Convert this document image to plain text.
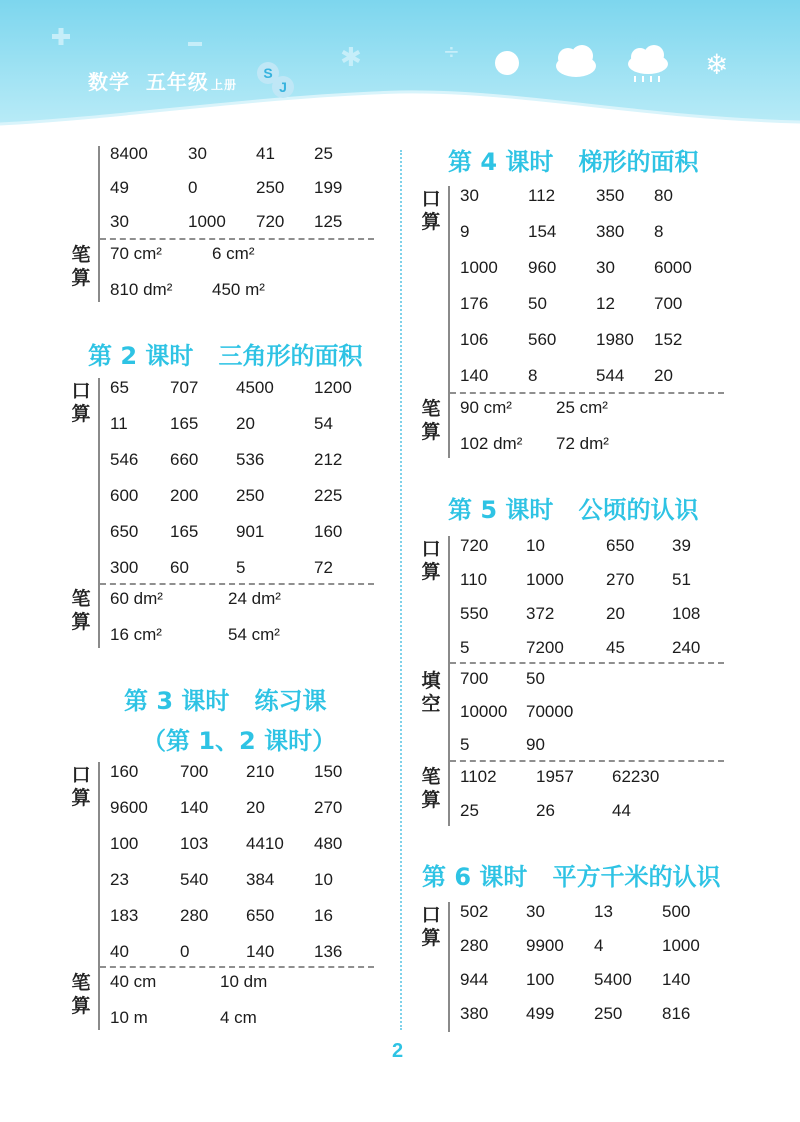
✱	÷	❄
数学 五年级 上册
S
J
笔算
8400 30	41 25
49	0	250 199
30	1000 720 125
70 cm²	6 cm²
810 dm² 450 m²
第 2 课时   三角形的面积
口算
笔算
65 707 4500 1200
11 165 20	54
546 660 536	212
600 200 250	225
650 165 901	160
300 60	5	72
60 dm²	24 dm²
16 cm²	54 cm²
第 3 课时   练习课
（第 1、2 课时）
口算
笔算
160 700 210 150
9600 140 20	270
100 103 4410 480
23	540 384 10
183 280 650 16
40	0	140 136
40 cm	10 dm
10 m	4 cm
第 4 课时   梯形的面积
口算
笔算
30	112 350 80
9	154 380 8
1000 960 30 6000
176 50	12 700
106 560 1980 152
140 8	544 20
90 cm²	25 cm²
102 dm² 72 dm²
第 5 课时   公顷的认识
口算
填空
笔算
720 10	650 39
110 1000 270 51
550 372	20	108
5	7200 45	240
700 50
10000 70000
5	90
1102 1957 62230
25	26	44
第 6 课时   平方千米的认识
口算
502 30	13	500
280 9900 4	1000
944 100 5400 140
380 499 250 816
2
